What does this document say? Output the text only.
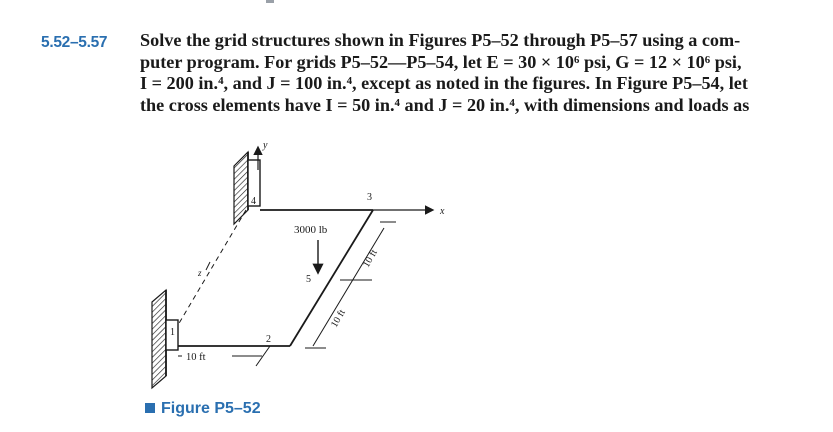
5.52–5.57 Solve the grid structures shown in Figures P5–52 through P5–57 using a com-
puter program. For grids P5–52—P5–54, let E = 30 × 10⁶ psi, G = 12 × 10⁶ psi,
I = 200 in.⁴, and J = 100 in.⁴, except as noted in the figures. In Figure P5–54, let
the cross elements have I = 50 in.⁴ and J = 20 in.⁴, with dimensions and loads as
y
z
x
4	3
5
1
2
3000 lb
10 ft
10 ft
10 ft
Figure P5–52
